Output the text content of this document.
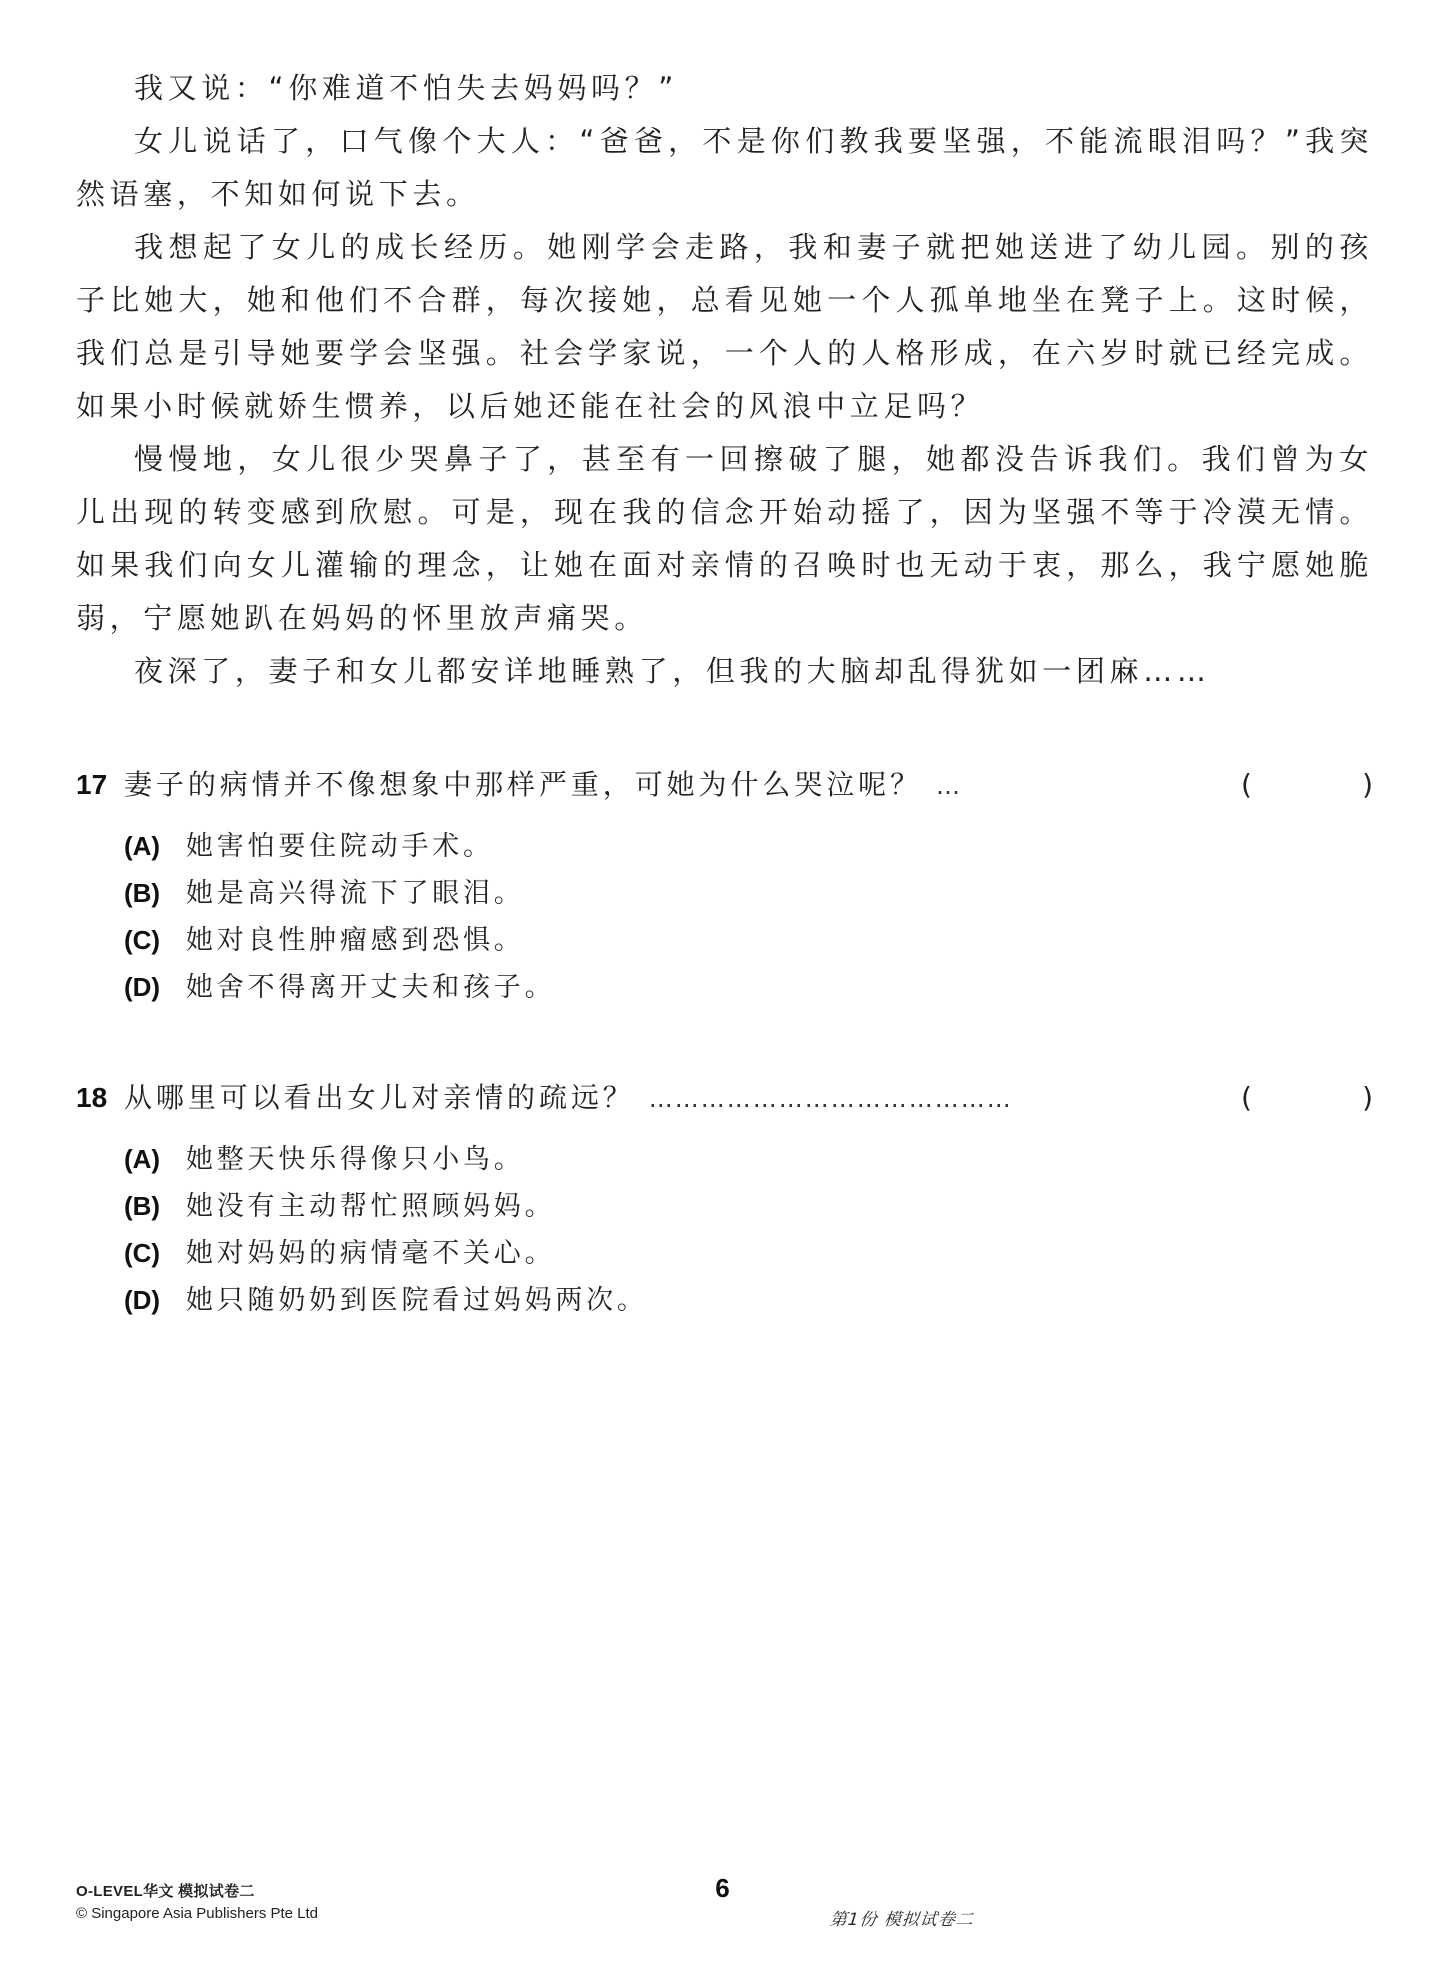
我又说：“你难道不怕失去妈妈吗？”

女儿说话了，口气像个大人：“爸爸，不是你们教我要坚强，不能流眼泪吗？”我突然语塞，不知如何说下去。

我想起了女儿的成长经历。她刚学会走路，我和妻子就把她送进了幼儿园。别的孩子比她大，她和他们不合群，每次接她，总看见她一个人孤单地坐在凳子上。这时候，我们总是引导她要学会坚强。社会学家说，一个人的人格形成，在六岁时就已经完成。如果小时候就娇生惯养，以后她还能在社会的风浪中立足吗？

慢慢地，女儿很少哭鼻子了，甚至有一回擦破了腿，她都没告诉我们。我们曾为女儿出现的转变感到欣慰。可是，现在我的信念开始动摇了，因为坚强不等于冷漠无情。如果我们向女儿灌输的理念，让她在面对亲情的召唤时也无动于衷，那么，我宁愿她脆弱，宁愿她趴在妈妈的怀里放声痛哭。

夜深了，妻子和女儿都安详地睡熟了，但我的大脑却乱得犹如一团麻……

17 妻子的病情并不像想象中那样严重，可她为什么哭泣呢？ …	(	)
(A) 她害怕要住院动手术。
(B) 她是高兴得流下了眼泪。
(C) 她对良性肿瘤感到恐惧。
(D) 她舍不得离开丈夫和孩子。
18 从哪里可以看出女儿对亲情的疏远？ ……………………………………	(	)
(A) 她整天快乐得像只小鸟。
(B) 她没有主动帮忙照顾妈妈。
(C) 她对妈妈的病情毫不关心。
(D) 她只随奶奶到医院看过妈妈两次。
O-LEVEL华文 模拟试卷二
© Singapore Asia Publishers Pte Ltd
6
第1份 模拟试卷二
